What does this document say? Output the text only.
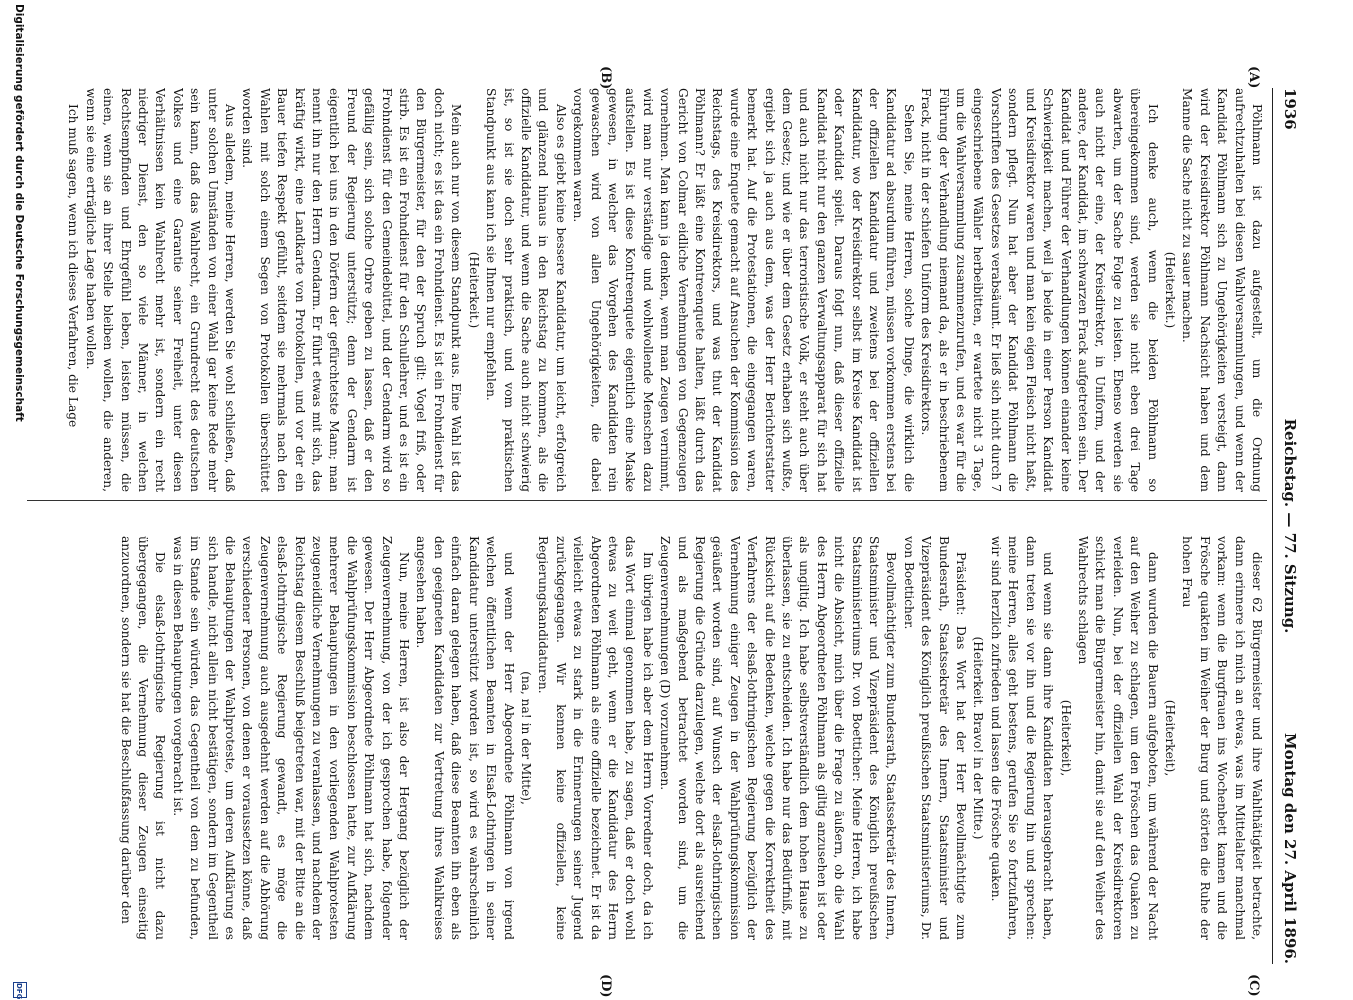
1936
Reichstag. — 77. Sitzung.
Montag den 27. April 1896.
(A)
(B)
(C)
(D)

Pöhlmann ist dazu aufgestellt, um die Ordnung aufrechtzuhalten bei diesen Wahlversammlungen, und wenn der Kandidat Pöhlmann sich zu Ungehörigkeiten versteigt, dann wird der Kreisdirektor Pöhlmann Nachsicht haben und dem Manne die Sache nicht zu sauer machen.

(Heiterkeit.)

Ich denke auch, wenn die beiden Pöhlmann so übereingekommen sind, werden sie nicht eben drei Tage abwarten, um der Sache Folge zu leisten. Ebenso werden sie auch nicht der eine, der Kreisdirektor, in Uniform, und der andere, der Kandidat, im schwarzen Frack aufgetreten sein. Der Kandidat und Führer der Verhandlungen können einander keine Schwierigkeit machen, weil ja beide in einer Person Kandidat und Kreisdirektor waren und man kein eigen Fleisch nicht haßt, sondern pflegt. Nun hat aber der Kandidat Pöhlmann die Vorschriften des Gesetzes verabsäumt. Er ließ sich nicht durch 7 eingeschriebene Wähler herbeibitten, er wartete nicht 3 Tage, um die Wahlversammlung zusammenzurufen, und es war für die Führung der Verhandlung niemand da, als er in beschriebenem Frack, nicht in der schiefen Uniform des Kreisdirektors.

Sehen Sie, meine Herren, solche Dinge, die wirklich die Kandidatur ad absurdum führen, müssen vorkommen erstens bei der offiziellen Kandidatur und zweitens bei der offiziellen Kandidatur, wo der Kreisdirektor selbst im Kreise Kandidat ist oder Kandidat spielt. Daraus folgt nun, daß dieser offizielle Kandidat nicht nur den ganzen Verwaltungsapparat für sich hat und auch nicht nur das terroristische Volk, er steht auch über dem Gesetz; und wie er über dem Gesetz erhaben sich wußte, ergiebt sich ja auch aus dem, was der Herr Berichterstatter bemerkt hat. Auf die Protestationen, die eingegangen waren, wurde eine Enquete gemacht auf Ansuchen der Kommission des Reichstags, des Kreisdirektors, und was thut der Kandidat Pöhlmann? Er läßt eine Kontreenquete halten, läßt durch das Gericht von Colmar eidliche Vernehmungen von Gegenzeugen vornehmen. Man kann ja denken, wenn man Zeugen vernimmt, wird man nur verständige und wohlwollende Menschen dazu aufstellen. Es ist diese Kontreenquete eigentlich eine Maske gewesen, in welcher das Vorgehen des Kandidaten rein gewaschen wird von allen Ungehörigkeiten, die dabei vorgekommen waren.

Also es giebt keine bessere Kandidatur, um leicht, erfolgreich und glänzend hinaus in den Reichstag zu kommen, als die offizielle Kandidatur, und wenn die Sache auch nicht schwierig ist, so ist sie doch sehr praktisch, und vom praktischen Standpunkt aus kann ich sie Ihnen nur empfehlen.

(Heiterkeit.)

Mein auch nur von diesem Standpunkt aus. Eine Wahl ist das doch nicht; es ist das ein Frohndienst. Es ist ein Frohndienst für den Bürgermeister, für den der Spruch gilt: Vogel friß, oder stirb. Es ist ein Frohndienst für den Schullehrer, und es ist ein Frohndienst für den Gemeindebüttel, und der Gendarm wird so gefällig sein, sich solche Orbre geben zu lassen, daß er den Freund der Regierung unterstützt; denn der Gendarm ist eigentlich bei uns in den Dörfern der gefürchtetste Mann; man nennt ihn nur den Herrn Gendarm. Er führt etwas mit sich, das kräftig wirkt, eine Landkarte von Protokollen, und vor der ein Bauer tiefen Respekt gefühlt, seitdem sie mehrmals nach den Wahlen mit solch einem Segen von Protokollen überschüttet worden sind.

Aus alledem, meine Herren, werden Sie wohl schließen, daß unter solchen Umständen von einer Wahl gar keine Rede mehr sein kann, daß das Wahlrecht, ein Grundrecht des deutschen Volkes und eine Garantie seiner Freiheit, unter diesen Verhältnissen kein Wahlrecht mehr ist, sondern ein recht niedriger Dienst, den so viele Männer, in welchen Rechtsempfinden und Ehrgefühl leben, leisten müssen, die einen, wenn sie an ihrer Stelle bleiben wollen, die anderen, wenn sie eine erträgliche Lage haben wollen.

Ich muß sagen, wenn ich dieses Verfahren, die Lage

dieser 62 Bürgermeister und ihre Wahlthätigkeit betrachte, dann erinnere ich mich an etwas, was im Mittelalter manchmal vorkam: wenn die Burgfrauen ins Wochenbett kamen und die Frösche quakten im Weiher der Burg und störten die Ruhe der hohen Frau

(Heiterkeit),

dann wurden die Bauern aufgeboten, um während der Nacht auf den Weiher zu schlagen, um den Fröschen das Quaken zu verleiden. Nun, bei der offiziellen Wahl der Kreisdirektoren schickt man die Bürgermeister hin, damit sie auf den Weiher des Wahlrechts schlagen

(Heiterkeit),

und wenn sie dann ihre Kandidaten herausgebracht haben, dann treten sie vor ihn und die Regierung hin und sprechen: meine Herren, alles geht bestens, gerufen Sie so fortzufahren, wir sind herzlich zufrieden und lassen die Frösche quaken.

(Heiterkeit. Bravo! in der Mitte.)

Präsident: Das Wort hat der Herr Bevollmächtigte zum Bundesrath, Staatssekretär des Innern, Staatsminister und Vizepräsident des Königlich preußischen Staatsministeriums, Dr. von Boetticher.

Bevollmächtigter zum Bundesrath, Staatssekretär des Innern, Staatsminister und Vizepräsident des Königlich preußischen Staatsministeriums Dr. von Boetticher: Meine Herren, ich habe nicht die Absicht, mich über die Frage zu äußern, ob die Wahl des Herrn Abgeordneten Pöhlmann als giltig anzusehen ist oder als ungiltig. Ich habe selbstverständlich dem hohen Hause zu überlassen, sie zu entscheiden. Ich habe nur das Bedürfniß, mit Rücksicht auf die Bedenken, welche gegen die Korrektheit des Verfahrens der elsaß-lothringischen Regierung bezüglich der Vernehmung einiger Zeugen in der Wahlprüfungskommission geäußert worden sind, auf Wunsch der elsaß-lothringischen Regierung die Gründe darzulegen, welche dort als ausreichend und als maßgebend betrachtet worden sind, um die Zeugenvernehmungen (D) vorzunehmen.

Im übrigen habe ich aber dem Herrn Vorredner doch, da ich das Wort einmal genommen habe, zu sagen, daß er doch wohl etwas zu weit geht, wenn er die Kandidatur des Herrn Abgeordneten Pöhlmann als eine offizielle bezeichnet. Er ist da vielleicht etwas zu stark in die Erinnerungen seiner Jugend zurückgegangen. Wir kennen keine offiziellen, keine Regierungskandidaturen.

(na, na! in der Mitte),

und wenn der Herr Abgeordnete Pöhlmann von irgend welchen öffentlichen Beamten in Elsaß-Lothringen in seiner Kandidatur unterstützt worden ist, so wird es wahrscheinlich einfach daran gelegen haben, daß diese Beamten ihn eben als den geeigneten Kandidaten zur Vertretung ihres Wahlkreises angesehen haben.

Nun, meine Herren, ist also der Hergang bezüglich der Zeugenvernehmung, von der ich gesprochen habe, folgender gewesen. Der Herr Abgeordnete Pöhlmann hat sich, nachdem die Wahlprüfungskommission beschlossen hatte, zur Aufklärung mehrerer Behauptungen in den vorliegenden Wahlprotesten zeugeneidliche Vernehmungen zu veranlassen, und nachdem der Reichstag diesem Beschluß beigetreten war, mit der Bitte an die elsaß-lothringische Regierung gewandt, es möge die Zeugenvernehmung auch ausgedehnt werden auf die Abhörung verschiedener Personen, von denen er voraussetzen könne, daß die Behauptungen der Wahlproteste, um deren Aufklärung es sich handle, nicht allein nicht bestätigen, sondern im Gegentheil im Stande sein würden, das Gegentheil von dem zu befunden, was in diesen Behauptungen vorgebracht ist.

Die elsaß-lothringische Regierung ist nicht dazu übergegangen, die Vernehmung dieser Zeugen einseitig anzuordnen, sondern sie hat die Beschlußfassung darüber den

Digitalisierung gefördert durch die Deutsche Forschungsgemeinschaft
DFG
